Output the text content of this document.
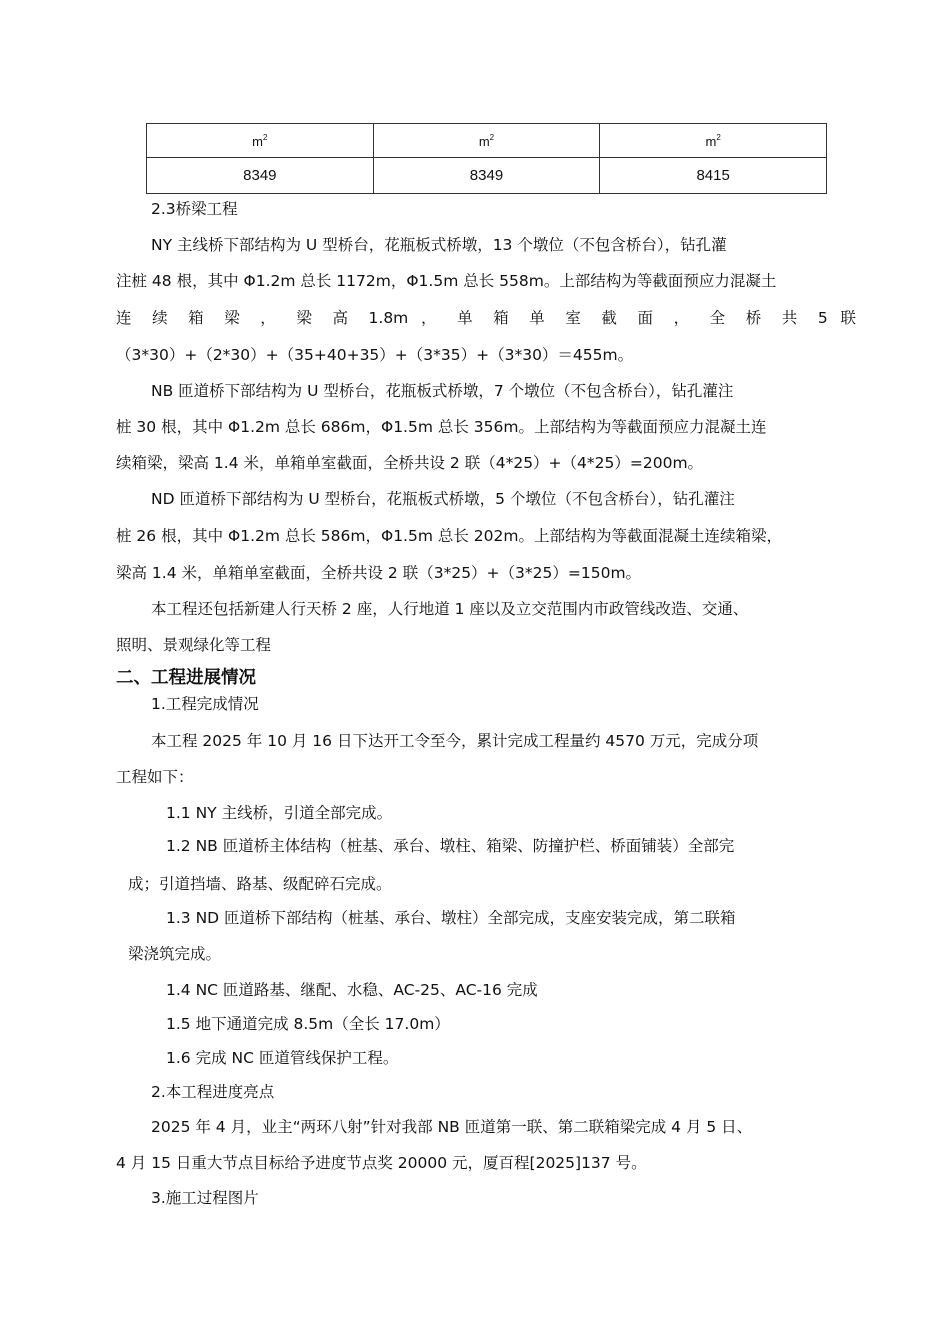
$m^2$	$m^2$	$m^2$
8349	8349	8415

2.3桥梁工程

NY 主线桥下部结构为 U 型桥台，花瓶板式桥墩，13 个墩位（不包含桥台），钻孔灌

注桩 48 根，其中 Φ1.2m 总长 1172m，Φ1.5m 总长 558m。上部结构为等截面预应力混凝土

连 续 箱 梁 ， 梁 高 1.8m ， 单 箱 单 室 截 面 ， 全 桥 共 5 联

（3*30）+（2*30）+（35+40+35）+（3*35）+（3*30）＝455m。

NB 匝道桥下部结构为 U 型桥台，花瓶板式桥墩，7 个墩位（不包含桥台），钻孔灌注

桩 30 根，其中 Φ1.2m 总长 686m，Φ1.5m 总长 356m。上部结构为等截面预应力混凝土连

续箱梁，梁高 1.4 米，单箱单室截面，全桥共设 2 联（4*25）+（4*25）=200m。

ND 匝道桥下部结构为 U 型桥台，花瓶板式桥墩，5 个墩位（不包含桥台），钻孔灌注

桩 26 根，其中 Φ1.2m 总长 586m，Φ1.5m 总长 202m。上部结构为等截面混凝土连续箱梁，

梁高 1.4 米，单箱单室截面，全桥共设 2 联（3*25）+（3*25）=150m。

本工程还包括新建人行天桥 2 座，人行地道 1 座以及立交范围内市政管线改造、交通、

照明、景观绿化等工程

二、工程进展情况

1.工程完成情况

本工程 2025 年 10 月 16 日下达开工令至今，累计完成工程量约 4570 万元，完成分项

工程如下：

1.1 NY 主线桥，引道全部完成。

1.2 NB 匝道桥主体结构（桩基、承台、墩柱、箱梁、防撞护栏、桥面铺装）全部完

成；引道挡墙、路基、级配碎石完成。

1.3 ND 匝道桥下部结构（桩基、承台、墩柱）全部完成，支座安装完成，第二联箱

梁浇筑完成。

1.4 NC 匝道路基、继配、水稳、AC-25、AC-16 完成

1.5 地下通道完成 8.5m（全长 17.0m）

1.6 完成 NC 匝道管线保护工程。

2.本工程进度亮点

2025 年 4 月，业主“两环八射”针对我部 NB 匝道第一联、第二联箱梁完成 4 月 5 日、

4 月 15 日重大节点目标给予进度节点奖 20000 元，厦百程[2025]137 号。

3.施工过程图片
